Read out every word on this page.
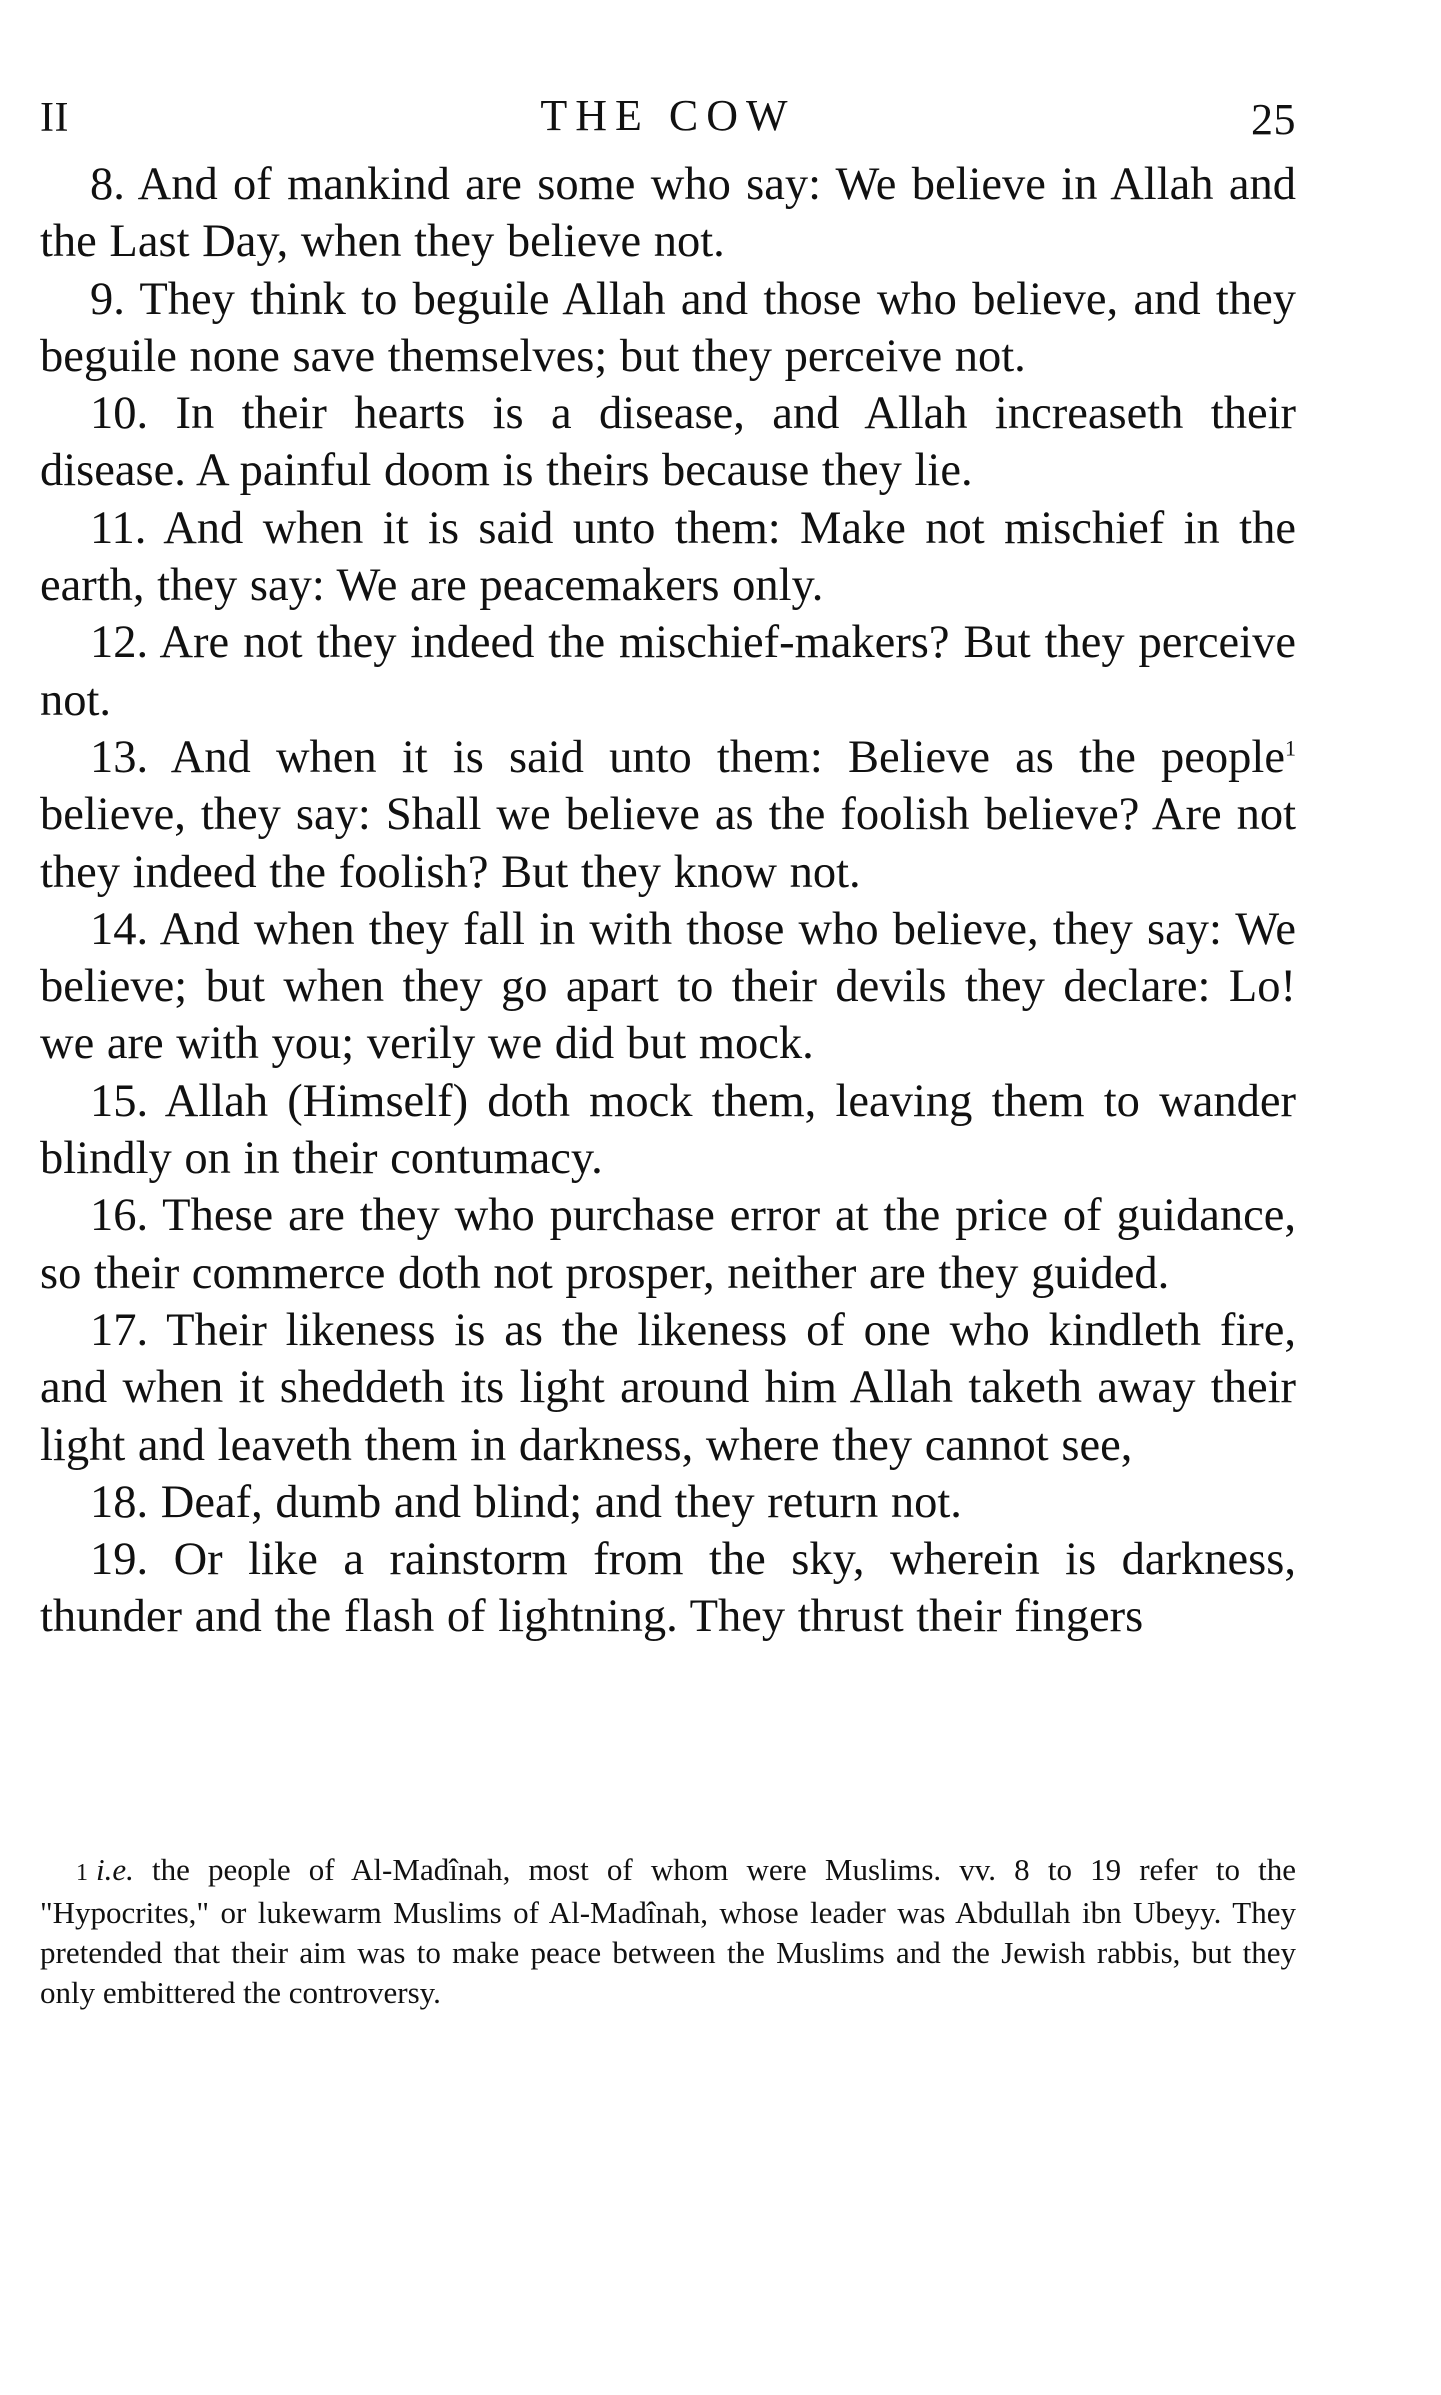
II	THE COW	25

8. And of mankind are some who say: We believe in Allah and the Last Day, when they believe not.

9. They think to beguile Allah and those who believe, and they beguile none save themselves; but they perceive not.

10. In their hearts is a disease, and Allah increaseth their disease. A painful doom is theirs because they lie.

11. And when it is said unto them: Make not mischief in the earth, they say: We are peacemakers only.

12. Are not they indeed the mischief-makers? But they perceive not.

13. And when it is said unto them: Believe as the people$^1$ believe, they say: Shall we believe as the foolish believe? Are not they indeed the foolish? But they know not.

14. And when they fall in with those who believe, they say: We believe; but when they go apart to their devils they declare: Lo! we are with you; verily we did but mock.

15. Allah (Himself) doth mock them, leaving them to wander blindly on in their contumacy.

16. These are they who purchase error at the price of guidance, so their commerce doth not prosper, neither are they guided.

17. Their likeness is as the likeness of one who kindleth fire, and when it sheddeth its light around him Allah taketh away their light and leaveth them in darkness, where they cannot see,

18. Deaf, dumb and blind; and they return not.

19. Or like a rainstorm from the sky, wherein is darkness, thunder and the flash of lightning. They thrust their fingers

1 i.e. the people of Al-Madînah, most of whom were Muslims. vv. 8 to 19 refer to the "Hypocrites," or lukewarm Muslims of Al-Madînah, whose leader was Abdullah ibn Ubeyy. They pretended that their aim was to make peace between the Muslims and the Jewish rabbis, but they only embittered the controversy.
